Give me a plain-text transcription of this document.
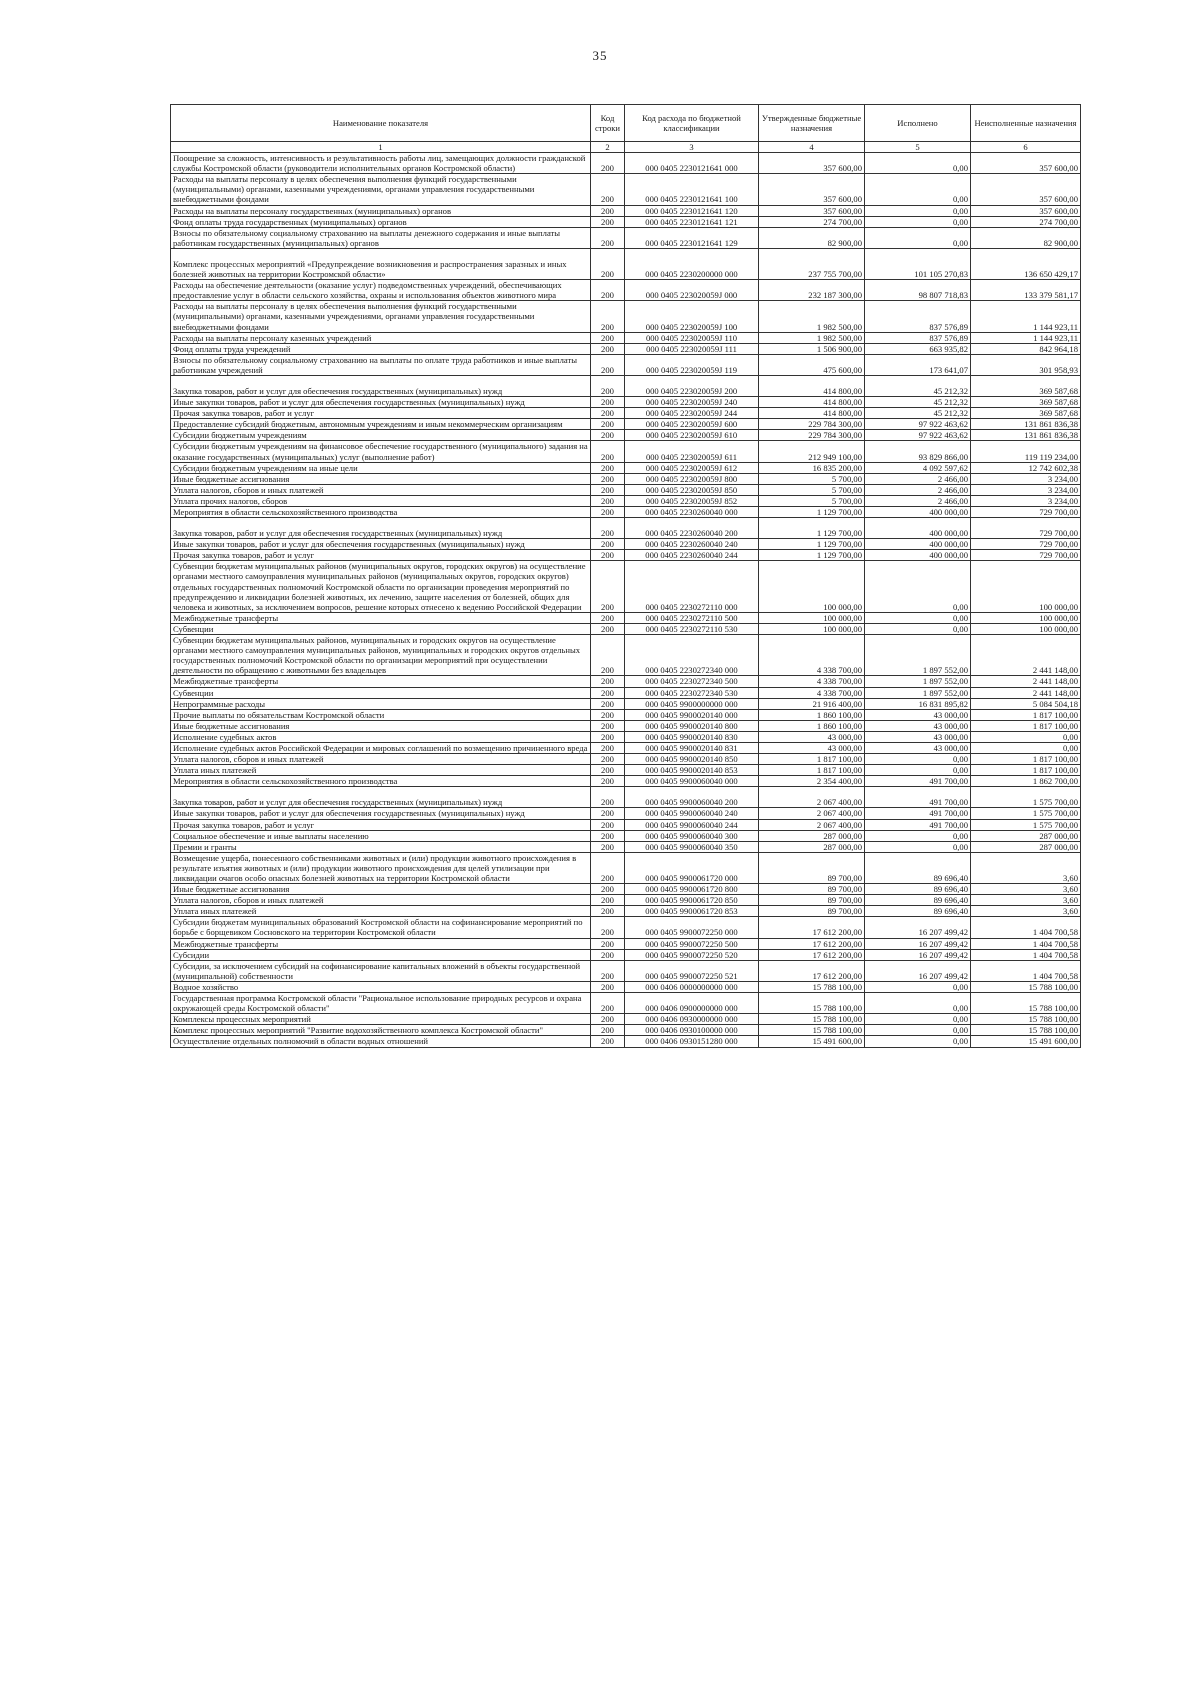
35
Наименование показателя	Код строки	Код расхода по бюджетной классификации	Утвержденные бюджетные назначения	Исполнено	Неисполненные назначения
1	2	3	4	5	6
Поощрение за сложность, интенсивность и результативность работы лиц, замещающих должности гражданской службы Костромской области (руководители исполнительных органов Костромской области)	200	000 0405 2230121641 000	357 600,00	0,00	357 600,00
Расходы на выплаты персоналу в целях обеспечения выполнения функций государственными (муниципальными) органами, казенными учреждениями, органами управления государственными внебюджетными фондами	200	000 0405 2230121641 100	357 600,00	0,00	357 600,00
Расходы на выплаты персоналу государственных (муниципальных) органов	200	000 0405 2230121641 120	357 600,00	0,00	357 600,00
Фонд оплаты труда государственных (муниципальных) органов	200	000 0405 2230121641 121	274 700,00	0,00	274 700,00
Взносы по обязательному социальному страхованию на выплаты денежного содержания и иные выплаты работникам государственных (муниципальных) органов	200	000 0405 2230121641 129	82 900,00	0,00	82 900,00
Комплекс процессных мероприятий «Предупреждение возникновения и распространения заразных и иных болезней животных на территории Костромской области»	200	000 0405 2230200000 000	237 755 700,00	101 105 270,83	136 650 429,17
Расходы на обеспечение деятельности (оказание услуг) подведомственных учреждений, обеспечивающих предоставление услуг в области сельского хозяйства, охраны и использования объектов животного мира	200	000 0405 223020059J 000	232 187 300,00	98 807 718,83	133 379 581,17
Расходы на выплаты персоналу в целях обеспечения выполнения функций государственными (муниципальными) органами, казенными учреждениями, органами управления государственными внебюджетными фондами	200	000 0405 223020059J 100	1 982 500,00	837 576,89	1 144 923,11
Расходы на выплаты персоналу казенных учреждений	200	000 0405 223020059J 110	1 982 500,00	837 576,89	1 144 923,11
Фонд оплаты труда учреждений	200	000 0405 223020059J 111	1 506 900,00	663 935,82	842 964,18
Взносы по обязательному социальному страхованию на выплаты по оплате труда работников и иные выплаты работникам учреждений	200	000 0405 223020059J 119	475 600,00	173 641,07	301 958,93
Закупка товаров, работ и услуг для обеспечения государственных (муниципальных) нужд	200	000 0405 223020059J 200	414 800,00	45 212,32	369 587,68
Иные закупки товаров, работ и услуг для обеспечения государственных (муниципальных) нужд	200	000 0405 223020059J 240	414 800,00	45 212,32	369 587,68
Прочая закупка товаров, работ и услуг	200	000 0405 223020059J 244	414 800,00	45 212,32	369 587,68
Предоставление субсидий бюджетным, автономным учреждениям и иным некоммерческим организациям	200	000 0405 223020059J 600	229 784 300,00	97 922 463,62	131 861 836,38
Субсидии бюджетным учреждениям	200	000 0405 223020059J 610	229 784 300,00	97 922 463,62	131 861 836,38
Субсидии бюджетным учреждениям на финансовое обеспечение государственного (муниципального) задания на оказание государственных (муниципальных) услуг (выполнение работ)	200	000 0405 223020059J 611	212 949 100,00	93 829 866,00	119 119 234,00
Субсидии бюджетным учреждениям на иные цели	200	000 0405 223020059J 612	16 835 200,00	4 092 597,62	12 742 602,38
Иные бюджетные ассигнования	200	000 0405 223020059J 800	5 700,00	2 466,00	3 234,00
Уплата налогов, сборов и иных платежей	200	000 0405 223020059J 850	5 700,00	2 466,00	3 234,00
Уплата прочих налогов, сборов	200	000 0405 223020059J 852	5 700,00	2 466,00	3 234,00
Мероприятия в области сельскохозяйственного производства	200	000 0405 2230260040 000	1 129 700,00	400 000,00	729 700,00
Закупка товаров, работ и услуг для обеспечения государственных (муниципальных) нужд	200	000 0405 2230260040 200	1 129 700,00	400 000,00	729 700,00
Иные закупки товаров, работ и услуг для обеспечения государственных (муниципальных) нужд	200	000 0405 2230260040 240	1 129 700,00	400 000,00	729 700,00
Прочая закупка товаров, работ и услуг	200	000 0405 2230260040 244	1 129 700,00	400 000,00	729 700,00
Субвенции бюджетам муниципальных районов (муниципальных округов, городских округов) на осуществление органами местного самоуправления муниципальных районов (муниципальных округов, городских округов) отдельных государственных полномочий Костромской области по организации проведения мероприятий по предупреждению и ликвидации болезней животных, их лечению, защите населения от болезней, общих для человека и животных, за исключением вопросов, решение которых отнесено к ведению Российской Федерации	200	000 0405 2230272110 000	100 000,00	0,00	100 000,00
Межбюджетные трансферты	200	000 0405 2230272110 500	100 000,00	0,00	100 000,00
Субвенции	200	000 0405 2230272110 530	100 000,00	0,00	100 000,00
Субвенции бюджетам муниципальных районов, муниципальных и городских округов на осуществление органами местного самоуправления муниципальных районов, муниципальных и городских округов отдельных государственных полномочий Костромской области по организации мероприятий при осуществлении деятельности по обращению с животными без владельцев	200	000 0405 2230272340 000	4 338 700,00	1 897 552,00	2 441 148,00
Межбюджетные трансферты	200	000 0405 2230272340 500	4 338 700,00	1 897 552,00	2 441 148,00
Субвенции	200	000 0405 2230272340 530	4 338 700,00	1 897 552,00	2 441 148,00
Непрограммные расходы	200	000 0405 9900000000 000	21 916 400,00	16 831 895,82	5 084 504,18
Прочие выплаты по обязательствам Костромской области	200	000 0405 9900020140 000	1 860 100,00	43 000,00	1 817 100,00
Иные бюджетные ассигнования	200	000 0405 9900020140 800	1 860 100,00	43 000,00	1 817 100,00
Исполнение судебных актов	200	000 0405 9900020140 830	43 000,00	43 000,00	0,00
Исполнение судебных актов Российской Федерации и мировых соглашений по возмещению причиненного вреда	200	000 0405 9900020140 831	43 000,00	43 000,00	0,00
Уплата налогов, сборов и иных платежей	200	000 0405 9900020140 850	1 817 100,00	0,00	1 817 100,00
Уплата иных платежей	200	000 0405 9900020140 853	1 817 100,00	0,00	1 817 100,00
Мероприятия в области сельскохозяйственного производства	200	000 0405 9900060040 000	2 354 400,00	491 700,00	1 862 700,00
Закупка товаров, работ и услуг для обеспечения государственных (муниципальных) нужд	200	000 0405 9900060040 200	2 067 400,00	491 700,00	1 575 700,00
Иные закупки товаров, работ и услуг для обеспечения государственных (муниципальных) нужд	200	000 0405 9900060040 240	2 067 400,00	491 700,00	1 575 700,00
Прочая закупка товаров, работ и услуг	200	000 0405 9900060040 244	2 067 400,00	491 700,00	1 575 700,00
Социальное обеспечение и иные выплаты населению	200	000 0405 9900060040 300	287 000,00	0,00	287 000,00
Премии и гранты	200	000 0405 9900060040 350	287 000,00	0,00	287 000,00
Возмещение ущерба, понесенного собственниками животных и (или) продукции животного происхождения в результате изъятия животных и (или) продукции животного происхождения для целей утилизации при ликвидации очагов особо опасных болезней животных на территории Костромской области	200	000 0405 9900061720 000	89 700,00	89 696,40	3,60
Иные бюджетные ассигнования	200	000 0405 9900061720 800	89 700,00	89 696,40	3,60
Уплата налогов, сборов и иных платежей	200	000 0405 9900061720 850	89 700,00	89 696,40	3,60
Уплата иных платежей	200	000 0405 9900061720 853	89 700,00	89 696,40	3,60
Субсидии бюджетам муниципальных образований Костромской области на софинансирование мероприятий по борьбе с борщевиком Сосновского на территории Костромской области	200	000 0405 9900072250 000	17 612 200,00	16 207 499,42	1 404 700,58
Межбюджетные трансферты	200	000 0405 9900072250 500	17 612 200,00	16 207 499,42	1 404 700,58
Субсидии	200	000 0405 9900072250 520	17 612 200,00	16 207 499,42	1 404 700,58
Субсидии, за исключением субсидий на софинансирование капитальных вложений в объекты государственной (муниципальной) собственности	200	000 0405 9900072250 521	17 612 200,00	16 207 499,42	1 404 700,58
Водное хозяйство	200	000 0406 0000000000 000	15 788 100,00	0,00	15 788 100,00
Государственная программа Костромской области "Рациональное использование природных ресурсов и охрана окружающей среды Костромской области"	200	000 0406 0900000000 000	15 788 100,00	0,00	15 788 100,00
Комплексы процессных мероприятий	200	000 0406 0930000000 000	15 788 100,00	0,00	15 788 100,00
Комплекс процессных мероприятий "Развитие водохозяйственного комплекса Костромской области"	200	000 0406 0930100000 000	15 788 100,00	0,00	15 788 100,00
Осуществление отдельных полномочий в области водных отношений	200	000 0406 0930151280 000	15 491 600,00	0,00	15 491 600,00
